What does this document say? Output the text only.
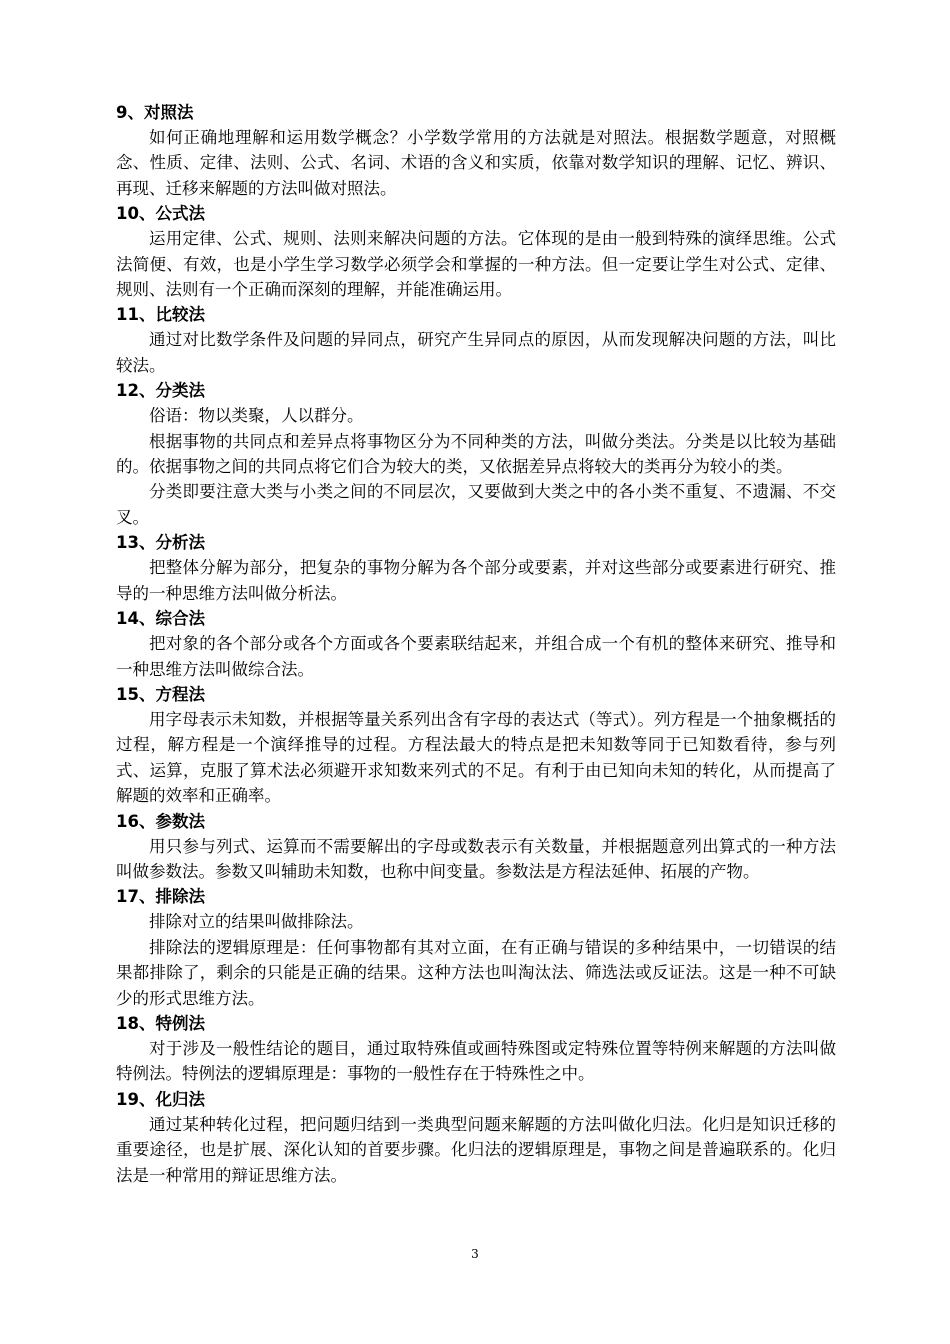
9、对照法

如何正确地理解和运用数学概念？小学数学常用的方法就是对照法。根据数学题意，对照概念、性质、定律、法则、公式、名词、术语的含义和实质，依靠对数学知识的理解、记忆、辨识、再现、迁移来解题的方法叫做对照法。

10、公式法

运用定律、公式、规则、法则来解决问题的方法。它体现的是由一般到特殊的演绎思维。公式法简便、有效，也是小学生学习数学必须学会和掌握的一种方法。但一定要让学生对公式、定律、规则、法则有一个正确而深刻的理解，并能准确运用。

11、比较法

通过对比数学条件及问题的异同点，研究产生异同点的原因，从而发现解决问题的方法，叫比较法。

12、分类法

俗语：物以类聚，人以群分。

根据事物的共同点和差异点将事物区分为不同种类的方法，叫做分类法。分类是以比较为基础的。依据事物之间的共同点将它们合为较大的类，又依据差异点将较大的类再分为较小的类。

分类即要注意大类与小类之间的不同层次，又要做到大类之中的各小类不重复、不遗漏、不交叉。

13、分析法

把整体分解为部分，把复杂的事物分解为各个部分或要素，并对这些部分或要素进行研究、推导的一种思维方法叫做分析法。

14、综合法

把对象的各个部分或各个方面或各个要素联结起来，并组合成一个有机的整体来研究、推导和一种思维方法叫做综合法。

15、方程法

用字母表示未知数，并根据等量关系列出含有字母的表达式（等式）。列方程是一个抽象概括的过程，解方程是一个演绎推导的过程。方程法最大的特点是把未知数等同于已知数看待，参与列式、运算，克服了算术法必须避开求知数来列式的不足。有利于由已知向未知的转化，从而提高了解题的效率和正确率。

16、参数法

用只参与列式、运算而不需要解出的字母或数表示有关数量，并根据题意列出算式的一种方法叫做参数法。参数又叫辅助未知数，也称中间变量。参数法是方程法延伸、拓展的产物。

17、排除法

排除对立的结果叫做排除法。

排除法的逻辑原理是：任何事物都有其对立面，在有正确与错误的多种结果中，一切错误的结果都排除了，剩余的只能是正确的结果。这种方法也叫淘汰法、筛选法或反证法。这是一种不可缺少的形式思维方法。

18、特例法

对于涉及一般性结论的题目，通过取特殊值或画特殊图或定特殊位置等特例来解题的方法叫做特例法。特例法的逻辑原理是：事物的一般性存在于特殊性之中。

19、化归法

通过某种转化过程，把问题归结到一类典型问题来解题的方法叫做化归法。化归是知识迁移的重要途径，也是扩展、深化认知的首要步骤。化归法的逻辑原理是，事物之间是普遍联系的。化归法是一种常用的辩证思维方法。

3
